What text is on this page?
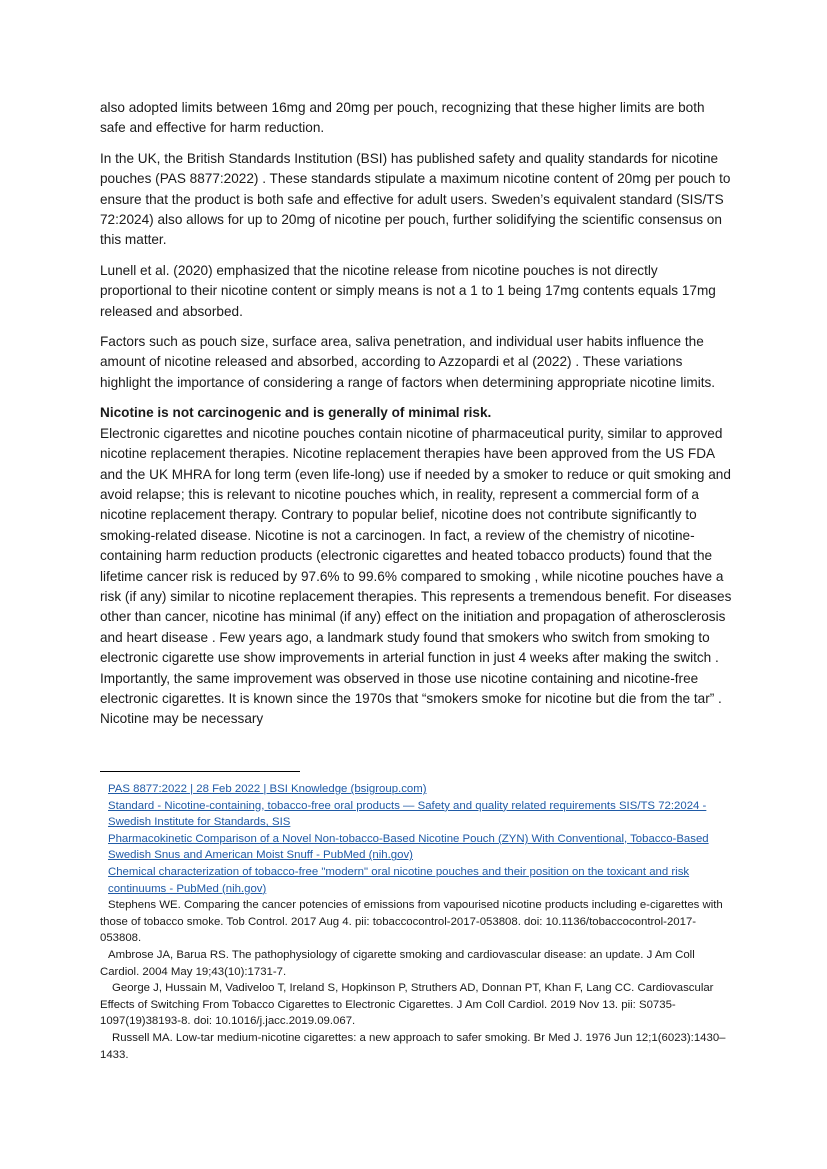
also adopted limits between 16mg and 20mg per pouch, recognizing that these higher limits are both safe and effective for harm reduction.

In the UK, the British Standards Institution (BSI) has published safety and quality standards for nicotine pouches (PAS 8877:2022) . These standards stipulate a maximum nicotine content of 20mg per pouch to ensure that the product is both safe and effective for adult users. Sweden’s equivalent standard (SIS/TS 72:2024) also allows for up to 20mg of nicotine per pouch, further solidifying the scientific consensus on this matter.

Lunell et al. (2020) emphasized that the nicotine release from nicotine pouches is not directly proportional to their nicotine content or simply means is not a 1 to 1 being 17mg contents equals 17mg released and absorbed.

Factors such as pouch size, surface area, saliva penetration, and individual user habits influence the amount of nicotine released and absorbed, according to Azzopardi et al (2022) . These variations highlight the importance of considering a range of factors when determining appropriate nicotine limits.

Nicotine is not carcinogenic and is generally of minimal risk.

Electronic cigarettes and nicotine pouches contain nicotine of pharmaceutical purity, similar to approved nicotine replacement therapies. Nicotine replacement therapies have been approved from the US FDA and the UK MHRA for long term (even life-long) use if needed by a smoker to reduce or quit smoking and avoid relapse; this is relevant to nicotine pouches which, in reality, represent a commercial form of a nicotine replacement therapy. Contrary to popular belief, nicotine does not contribute significantly to smoking-related disease. Nicotine is not a carcinogen. In fact, a review of the chemistry of nicotine-containing harm reduction products (electronic cigarettes and heated tobacco products) found that the lifetime cancer risk is reduced by 97.6% to 99.6% compared to smoking , while nicotine pouches have a risk (if any) similar to nicotine replacement therapies. This represents a tremendous benefit. For diseases other than cancer, nicotine has minimal (if any) effect on the initiation and propagation of atherosclerosis and heart disease . Few years ago, a landmark study found that smokers who switch from smoking to electronic cigarette use show improvements in arterial function in just 4 weeks after making the switch . Importantly, the same improvement was observed in those use nicotine containing and nicotine-free electronic cigarettes. It is known since the 1970s that “smokers smoke for nicotine but die from the tar” . Nicotine may be necessary

PAS 8877:2022 | 28 Feb 2022 | BSI Knowledge (bsigroup.com)

Standard - Nicotine-containing, tobacco-free oral products — Safety and quality related requirements SIS/TS 72:2024 - Swedish Institute for Standards, SIS

Pharmacokinetic Comparison of a Novel Non-tobacco-Based Nicotine Pouch (ZYN) With Conventional, Tobacco-Based Swedish Snus and American Moist Snuff - PubMed (nih.gov)

Chemical characterization of tobacco-free "modern" oral nicotine pouches and their position on the toxicant and risk continuums - PubMed (nih.gov)

Stephens WE. Comparing the cancer potencies of emissions from vapourised nicotine products including e-cigarettes with those of tobacco smoke. Tob Control. 2017 Aug 4. pii: tobaccocontrol-2017-053808. doi: 10.1136/tobaccocontrol-2017-053808.

Ambrose JA, Barua RS. The pathophysiology of cigarette smoking and cardiovascular disease: an update. J Am Coll Cardiol. 2004 May 19;43(10):1731-7.

George J, Hussain M, Vadiveloo T, Ireland S, Hopkinson P, Struthers AD, Donnan PT, Khan F, Lang CC. Cardiovascular Effects of Switching From Tobacco Cigarettes to Electronic Cigarettes. J Am Coll Cardiol. 2019 Nov 13. pii: S0735-1097(19)38193-8. doi: 10.1016/j.jacc.2019.09.067.

Russell MA. Low-tar medium-nicotine cigarettes: a new approach to safer smoking. Br Med J. 1976 Jun 12;1(6023):1430–1433.
